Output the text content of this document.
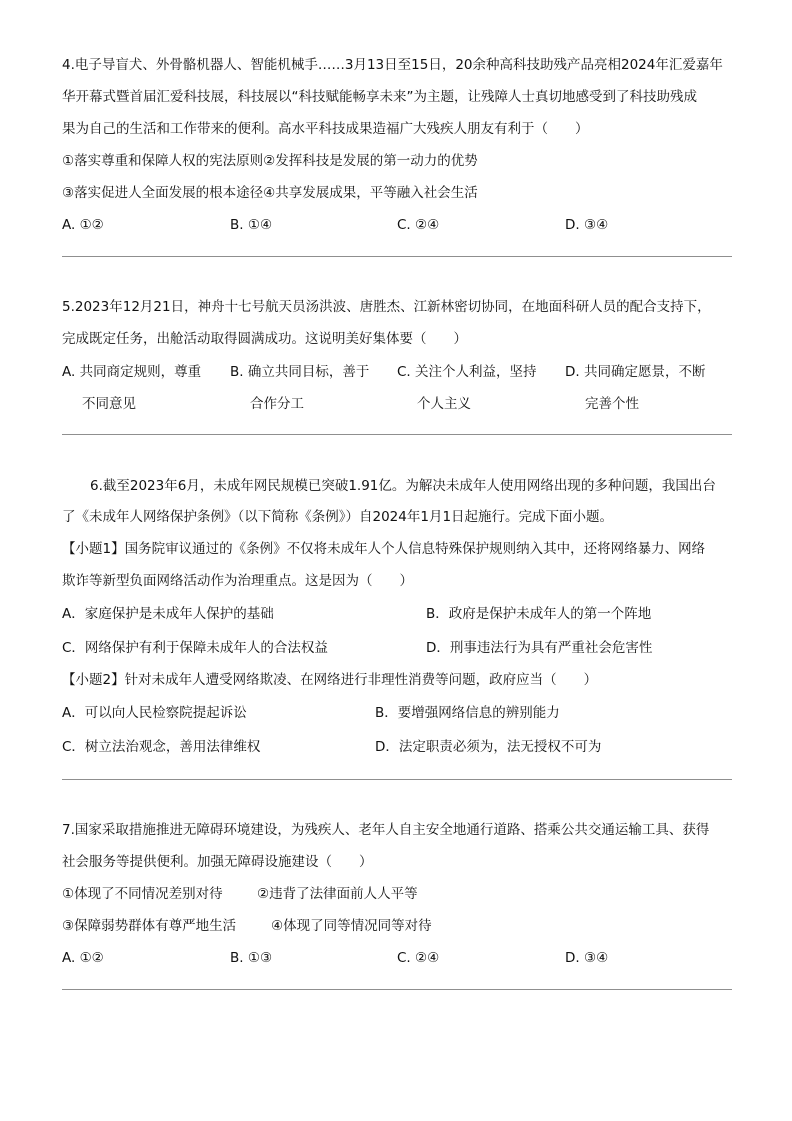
4.电子导盲犬、外骨骼机器人、智能机械手……3月13日至15日，20余种高科技助残产品亮相2024年汇爱嘉年
华开幕式暨首届汇爱科技展，科技展以“科技赋能畅享未来”为主题，让残障人士真切地感受到了科技助残成
果为自己的生活和工作带来的便利。高水平科技成果造福广大残疾人朋友有利于（　　）
①落实尊重和保障人权的宪法原则②发挥科技是发展的第一动力的优势
③落实促进人全面发展的根本途径④共享发展成果，平等融入社会生活
A. ①②	B. ①④	C. ②④	D. ③④
5.2023年12月21日，神舟十七号航天员汤洪波、唐胜杰、江新林密切协同，在地面科研人员的配合支持下，
完成既定任务，出舱活动取得圆满成功。这说明美好集体要（　　）
A. 共同商定规则，尊重
不同意见
B. 确立共同目标，善于
合作分工
C. 关注个人利益，坚持
个人主义
D. 共同确定愿景，不断
完善个性
6.截至2023年6月，未成年网民规模已突破1.91亿。为解决未成年人使用网络出现的多种问题，我国出台
了《未成年人网络保护条例》（以下简称《条例》）自2024年1月1日起施行。完成下面小题。
【小题1】国务院审议通过的《条例》不仅将未成年人个人信息特殊保护规则纳入其中，还将网络暴力、网络
欺诈等新型负面网络活动作为治理重点。这是因为（　　）
A．家庭保护是未成年人保护的基础	B．政府是保护未成年人的第一个阵地
C．网络保护有利于保障未成年人的合法权益	D．刑事违法行为具有严重社会危害性
【小题2】针对未成年人遭受网络欺凌、在网络进行非理性消费等问题，政府应当（　　）
A．可以向人民检察院提起诉讼	B．要增强网络信息的辨别能力
C．树立法治观念，善用法律维权	D．法定职责必须为，法无授权不可为
7.国家采取措施推进无障碍环境建设，为残疾人、老年人自主安全地通行道路、搭乘公共交通运输工具、获得
社会服务等提供便利。加强无障碍设施建设（　　）
①体现了不同情况差别对待	②违背了法律面前人人平等
③保障弱势群体有尊严地生活	④体现了同等情况同等对待
A. ①②	B. ①③	C. ②④	D. ③④
